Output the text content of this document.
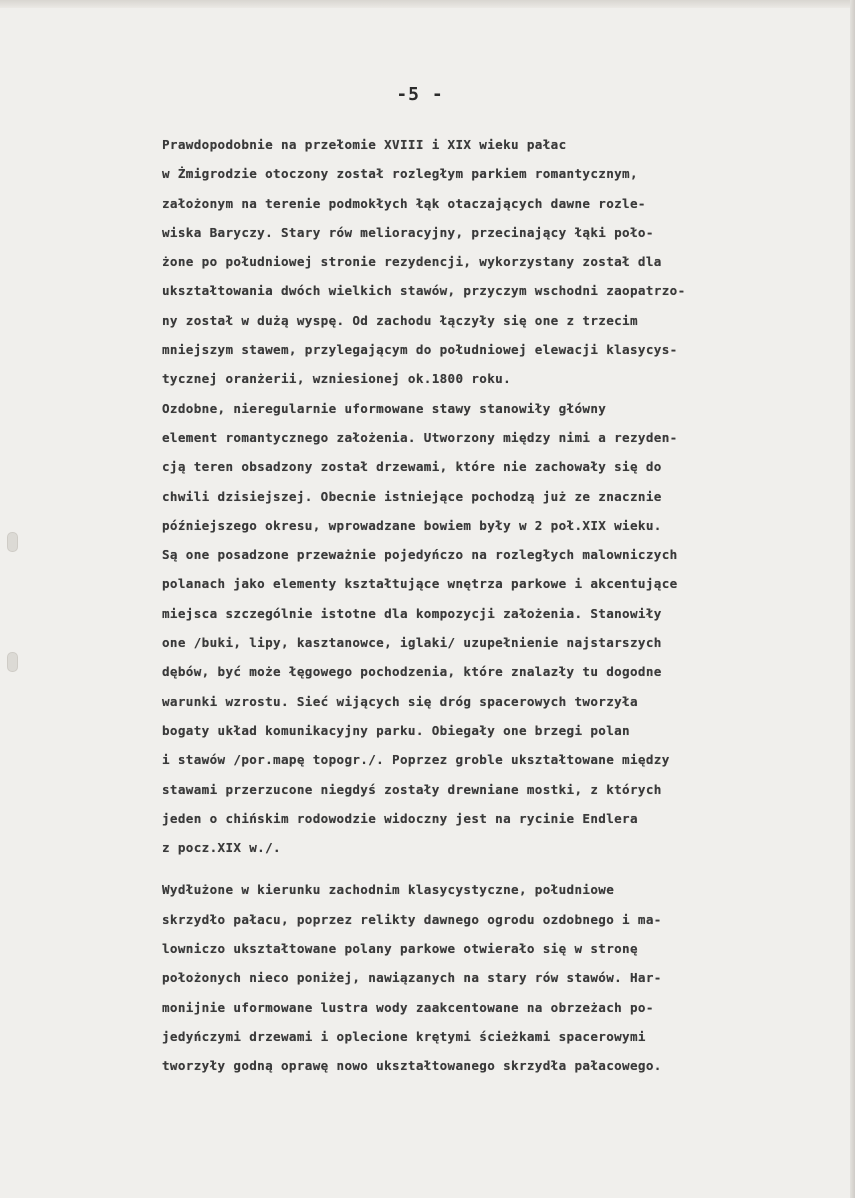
-5 -
Prawdopodobnie na przełomie XVIII i XIX wieku pałac
w Żmigrodzie otoczony został rozległym parkiem romantycznym,
założonym na terenie podmokłych łąk otaczających dawne rozle-
wiska Baryczy. Stary rów melioracyjny, przecinający łąki poło-
żone po południowej stronie rezydencji, wykorzystany został dla
ukształtowania dwóch wielkich stawów, przyczym wschodni zaopatrzo-
ny został w dużą wyspę. Od zachodu łączyły się one z trzecim
mniejszym stawem, przylegającym do południowej elewacji klasycys-
tycznej oranżerii, wzniesionej ok.1800 roku.
Ozdobne, nieregularnie uformowane stawy stanowiły główny
element romantycznego założenia. Utworzony między nimi a rezyden-
cją teren obsadzony został drzewami, które nie zachowały się do
chwili dzisiejszej. Obecnie istniejące pochodzą już ze znacznie
późniejszego okresu, wprowadzane bowiem były w 2 poł.XIX wieku.
Są one posadzone przeważnie pojedyńczo na rozległych malowniczych
polanach jako elementy kształtujące wnętrza parkowe i akcentujące
miejsca szczególnie istotne dla kompozycji założenia. Stanowiły
one /buki, lipy, kasztanowce, iglaki/ uzupełnienie najstarszych
dębów, być może łęgowego pochodzenia, które znalazły tu dogodne
warunki wzrostu. Sieć wijących się dróg spacerowych tworzyła
bogaty układ komunikacyjny parku. Obiegały one brzegi polan
i stawów /por.mapę topogr./. Poprzez groble ukształtowane między
stawami przerzucone niegdyś zostały drewniane mostki, z których
jeden o chińskim rodowodzie widoczny jest na rycinie Endlera
z pocz.XIX w./.
Wydłużone w kierunku zachodnim klasycystyczne, południowe
skrzydło pałacu, poprzez relikty dawnego ogrodu ozdobnego i ma-
lowniczo ukształtowane polany parkowe otwierało się w stronę
położonych nieco poniżej, nawiązanych na stary rów stawów. Har-
monijnie uformowane lustra wody zaakcentowane na obrzeżach po-
jedyńczymi drzewami i oplecione krętymi ścieżkami spacerowymi
tworzyły godną oprawę nowo ukształtowanego skrzydła pałacowego.
